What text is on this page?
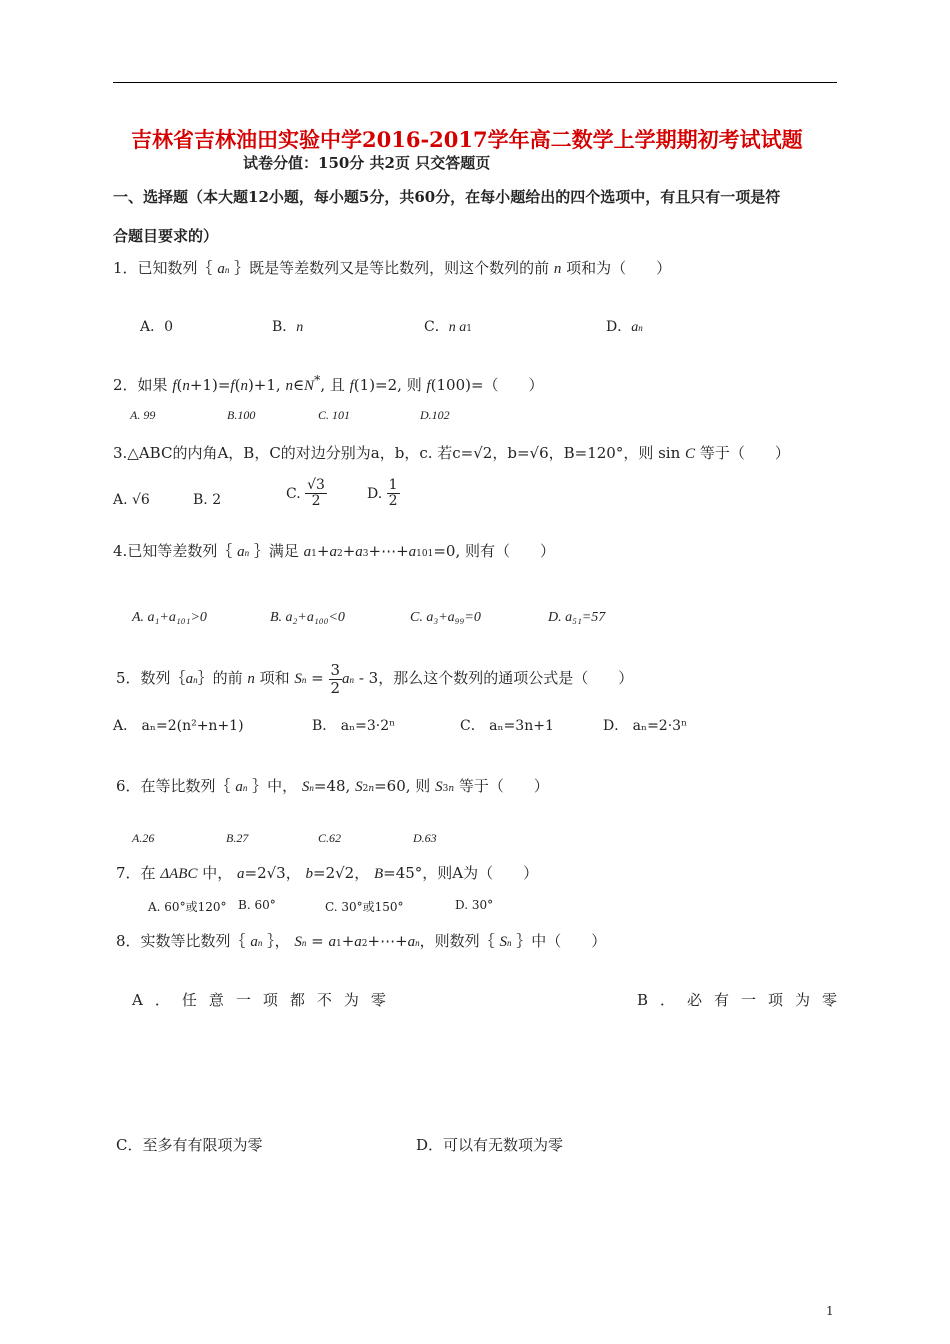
吉林省吉林油田实验中学2016-2017学年高二数学上学期期初考试试题
试卷分值：150分 共2页 只交答题页
一、选择题（本大题12小题，每小题5分，共60分，在每小题给出的四个选项中，有且只有一项是符
合题目要求的）
1．已知数列｛ an ｝既是等差数列又是等比数列，则这个数列的前 n 项和为（　　）
A．0	B．n	C．n a1	D．an
2．如果 f(n+1)=f(n)+1, n∈N*, 且 f(1)=2, 则 f(100)=（　　）
A. 99	B.100	C. 101	D.102
3.△ABC的内角A，B，C的对边分别为a，b，c. 若c=√2，b=√6，B=120°，则 sin C 等于（　　）
A. √6	B. 2	C. $\frac{√3}{2}$	D. $\frac{1}{2}$
4.已知等差数列｛ an ｝满足 a1+a2+a3+⋯+a101=0, 则有（　　）
A. a₁+a₁₀₁>0	B. a₂+a₁₀₀<0	C. a₃+a₉₉=0	D. a₅₁=57
5．数列｛an｝的前 n 项和 $Sn = \frac{3}{2}$ an - 3，那么这个数列的通项公式是（　　）
A． aₙ=2(n²+n+1)	B． aₙ=3·2ⁿ	C． aₙ=3n+1	D． aₙ=2·3ⁿ
6．在等比数列｛ an ｝中， Sn=48, S2n=60, 则 S3n 等于（　　）
A.26	B.27	C.62	D.63
7．在 ΔABC 中， a=2√3， b=2√2， B=45°，则A为（　　）
A. 60°或120° B. 60°	C. 30°或150°	D. 30°
8．实数等比数列｛ an ｝， Sn = a1+a2+⋯+an，则数列｛ Sn ｝中（　　）
A．任意一项都不为零	B．必有一项为零
C．至多有有限项为零	D．可以有无数项为零
1
